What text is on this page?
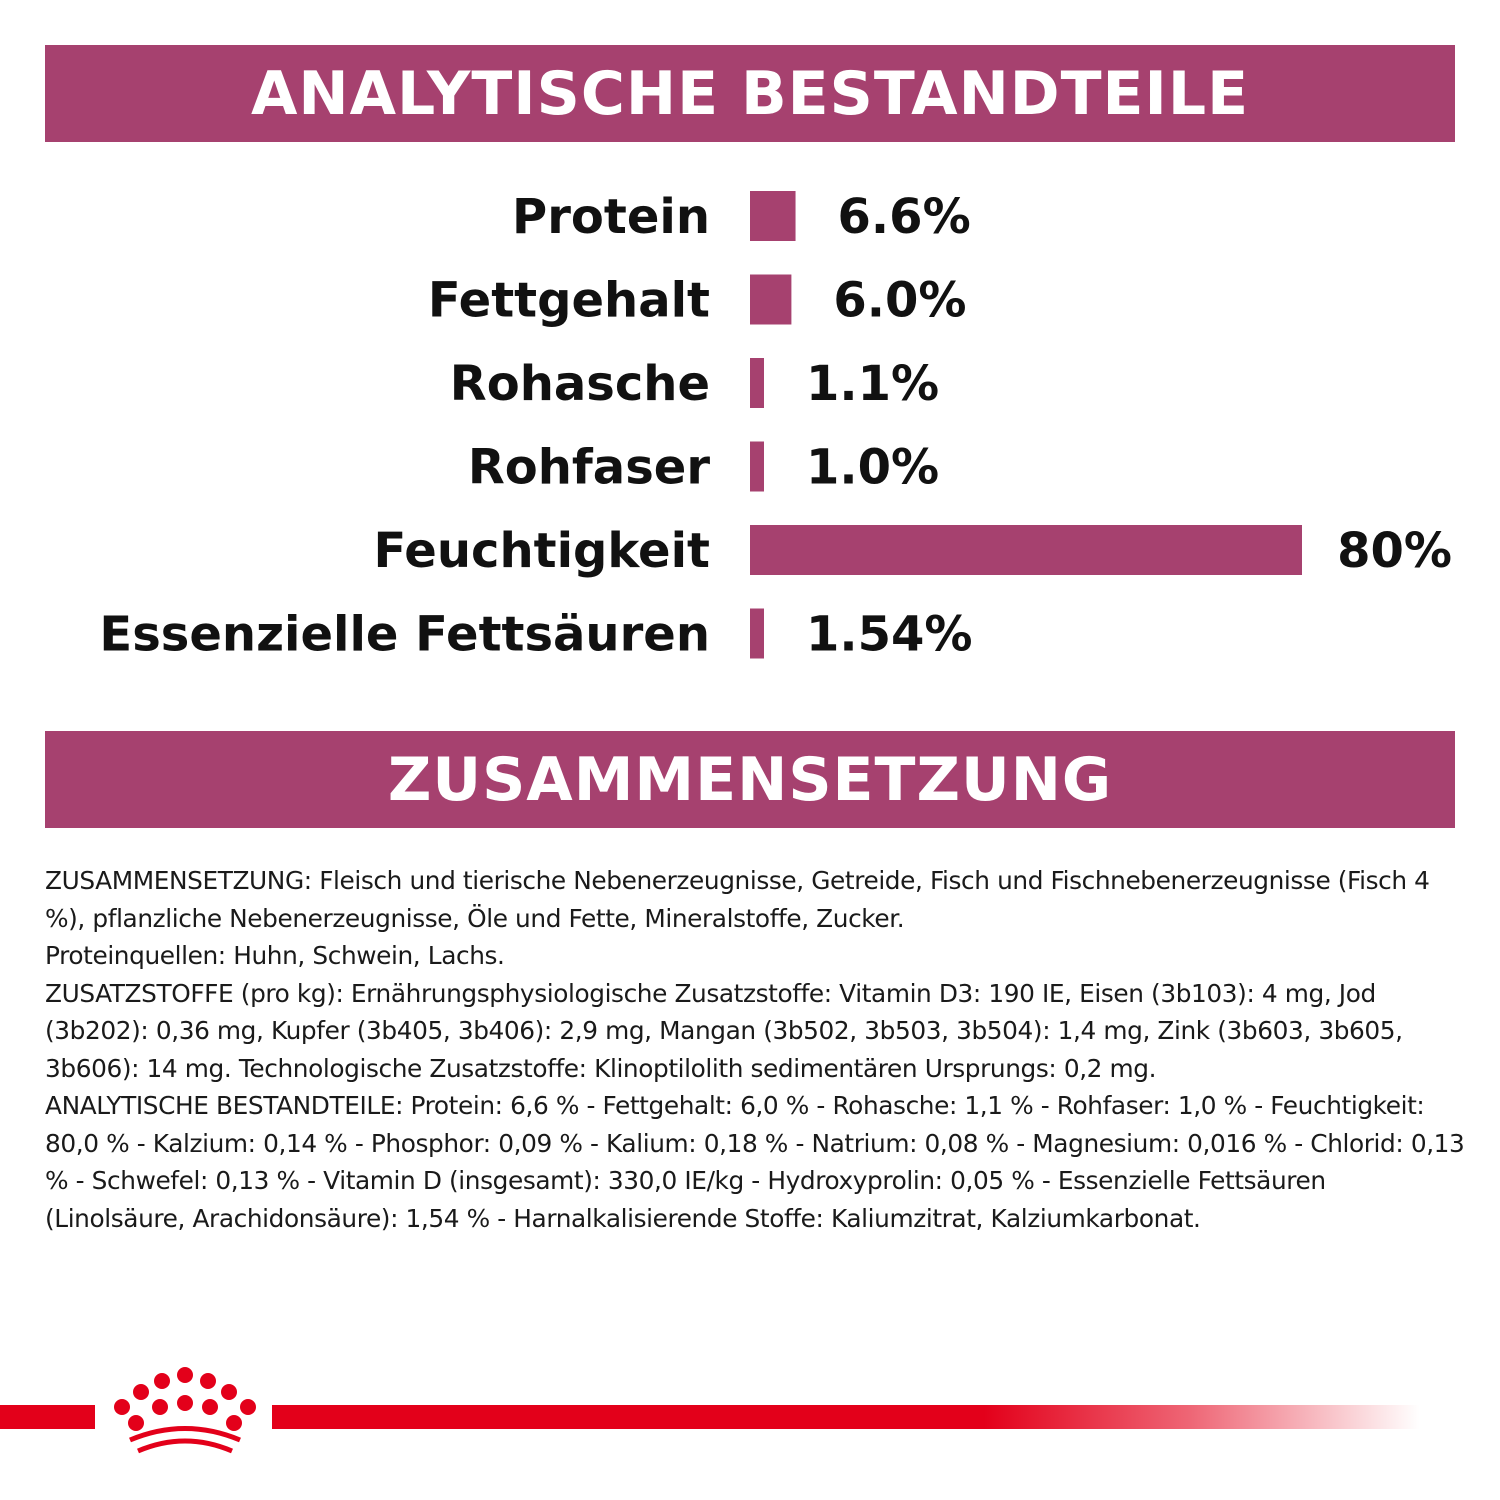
ANALYTISCHE BESTANDTEILE
Protein	6.6%
Fettgehalt	6.0%
Rohasche 1.1%
Rohfaser 1.0%
Feuchtigkeit	80%
Essenzielle Fettsäuren 1.54%
ZUSAMMENSETZUNG

ZUSAMMENSETZUNG: Fleisch und tierische Nebenerzeugnisse, Getreide, Fisch und Fischnebenerzeugnisse (Fisch 4 %), pflanzliche Nebenerzeugnisse, Öle und Fette, Mineralstoffe, Zucker.

Proteinquellen: Huhn, Schwein, Lachs.

ZUSATZSTOFFE (pro kg): Ernährungsphysiologische Zusatzstoffe: Vitamin D3: 190 IE, Eisen (3b103): 4 mg, Jod (3b202): 0,36 mg, Kupfer (3b405, 3b406): 2,9 mg, Mangan (3b502, 3b503, 3b504): 1,4 mg, Zink (3b603, 3b605, 3b606): 14 mg. Technologische Zusatzstoffe: Klinoptilolith sedimentären Ursprungs: 0,2 mg.

ANALYTISCHE BESTANDTEILE: Protein: 6,6 % - Fettgehalt: 6,0 % - Rohasche: 1,1 % - Rohfaser: 1,0 % - Feuchtigkeit: 80,0 % - Kalzium: 0,14 % - Phosphor: 0,09 % - Kalium: 0,18 % - Natrium: 0,08 % - Magnesium: 0,016 % - Chlorid: 0,13 % - Schwefel: 0,13 % - Vitamin D (insgesamt): 330,0 IE/kg - Hydroxyprolin: 0,05 % - Essenzielle Fettsäuren (Linolsäure, Arachidonsäure): 1,54 % - Harnalkalisierende Stoffe: Kaliumzitrat, Kalziumkarbonat.
